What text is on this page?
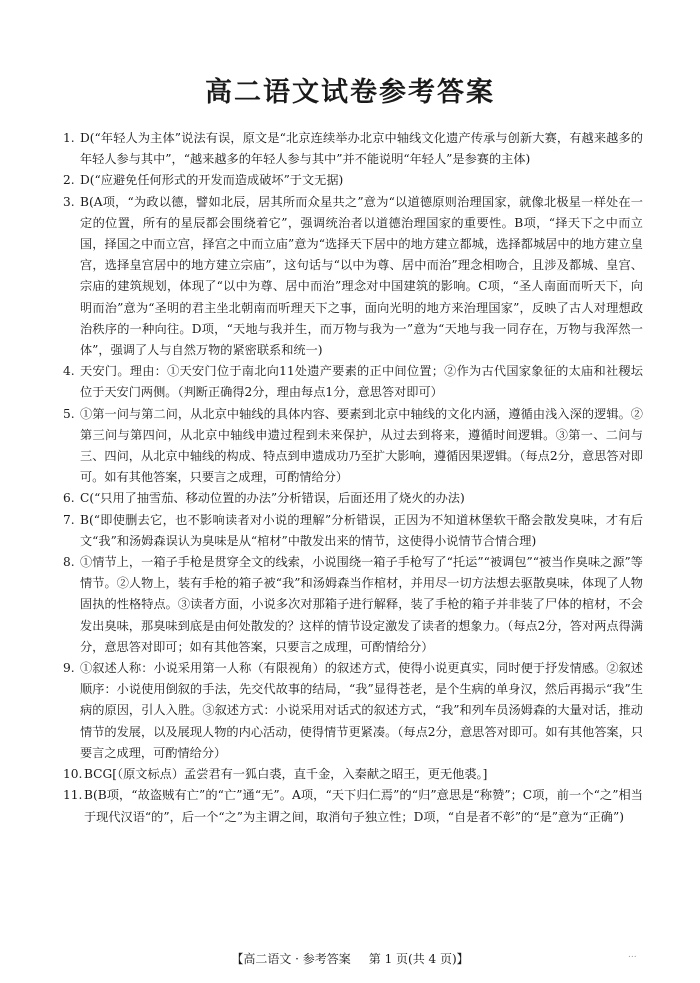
高二语文试卷参考答案
1. D(“年轻人为主体”说法有误，原文是“北京连续举办北京中轴线文化遗产传承与创新大赛，有越来越多的年轻人参与其中”，“越来越多的年轻人参与其中”并不能说明“年轻人”是参赛的主体)
2. D(“应避免任何形式的开发而造成破坏”于文无据)
3. B(A项，“为政以德，譬如北辰，居其所而众星共之”意为“以道德原则治理国家，就像北极星一样处在一定的位置，所有的星辰都会围绕着它”，强调统治者以道德治理国家的重要性。B项，“择天下之中而立国，择国之中而立宫，择宫之中而立庙”意为“选择天下居中的地方建立都城，选择都城居中的地方建立皇宫，选择皇宫居中的地方建立宗庙”，这句话与“以中为尊、居中而治”理念相吻合，且涉及都城、皇宫、宗庙的建筑规划，体现了“以中为尊、居中而治”理念对中国建筑的影响。C项，“圣人南面而听天下，向明而治”意为“圣明的君主坐北朝南而听理天下之事，面向光明的地方来治理国家”，反映了古人对理想政治秩序的一种向往。D项，“天地与我并生，而万物与我为一”意为“天地与我一同存在，万物与我浑然一体”，强调了人与自然万物的紧密联系和统一)
4. 天安门。理由：①天安门位于南北向11处遗产要素的正中间位置；②作为古代国家象征的太庙和社稷坛位于天安门两侧。（判断正确得2分，理由每点1分，意思答对即可）
5. ①第一问与第二问，从北京中轴线的具体内容、要素到北京中轴线的文化内涵，遵循由浅入深的逻辑。②第三问与第四问，从北京中轴线申遗过程到未来保护，从过去到将来，遵循时间逻辑。③第一、二问与三、四问，从北京中轴线的构成、特点到申遗成功乃至扩大影响，遵循因果逻辑。（每点2分，意思答对即可。如有其他答案，只要言之成理，可酌情给分）
6. C(“只用了抽雪茄、移动位置的办法”分析错误，后面还用了烧火的办法)
7. B(“即使删去它，也不影响读者对小说的理解”分析错误，正因为不知道林堡软干酪会散发臭味，才有后文“我”和汤姆森误认为臭味是从“棺材”中散发出来的情节，这使得小说情节合情合理)
8. ①情节上，一箱子手枪是贯穿全文的线索，小说围绕一箱子手枪写了“托运”“被调包”“被当作臭味之源”等情节。②人物上，装有手枪的箱子被“我”和汤姆森当作棺材，并用尽一切方法想去驱散臭味，体现了人物固执的性格特点。③读者方面，小说多次对那箱子进行解释，装了手枪的箱子并非装了尸体的棺材，不会发出臭味，那臭味到底是由何处散发的？这样的情节设定激发了读者的想象力。（每点2分，答对两点得满分，意思答对即可；如有其他答案，只要言之成理，可酌情给分）
9. ①叙述人称：小说采用第一人称（有限视角）的叙述方式，使得小说更真实，同时便于抒发情感。②叙述顺序：小说使用倒叙的手法，先交代故事的结局，“我”显得苍老，是个生病的单身汉，然后再揭示“我”生病的原因，引人入胜。③叙述方式：小说采用对话式的叙述方式，“我”和列车员汤姆森的大量对话，推动情节的发展，以及展现人物的内心活动，使得情节更紧凑。（每点2分，意思答对即可。如有其他答案，只要言之成理，可酌情给分）
10. BCG[（原文标点）孟尝君有一狐白裘，直千金，入秦献之昭王，更无他裘。]
11. B(B项，“故盗贼有亡”的“亡”通“无”。A项，“天下归仁焉”的“归”意思是“称赞”；C项，前一个“之”相当于现代汉语“的”，后一个“之”为主谓之间，取消句子独立性；D项，“自是者不彰”的“是”意为“正确”)
【高二语文 · 参考答案 第 1 页(共 4 页)】	...
